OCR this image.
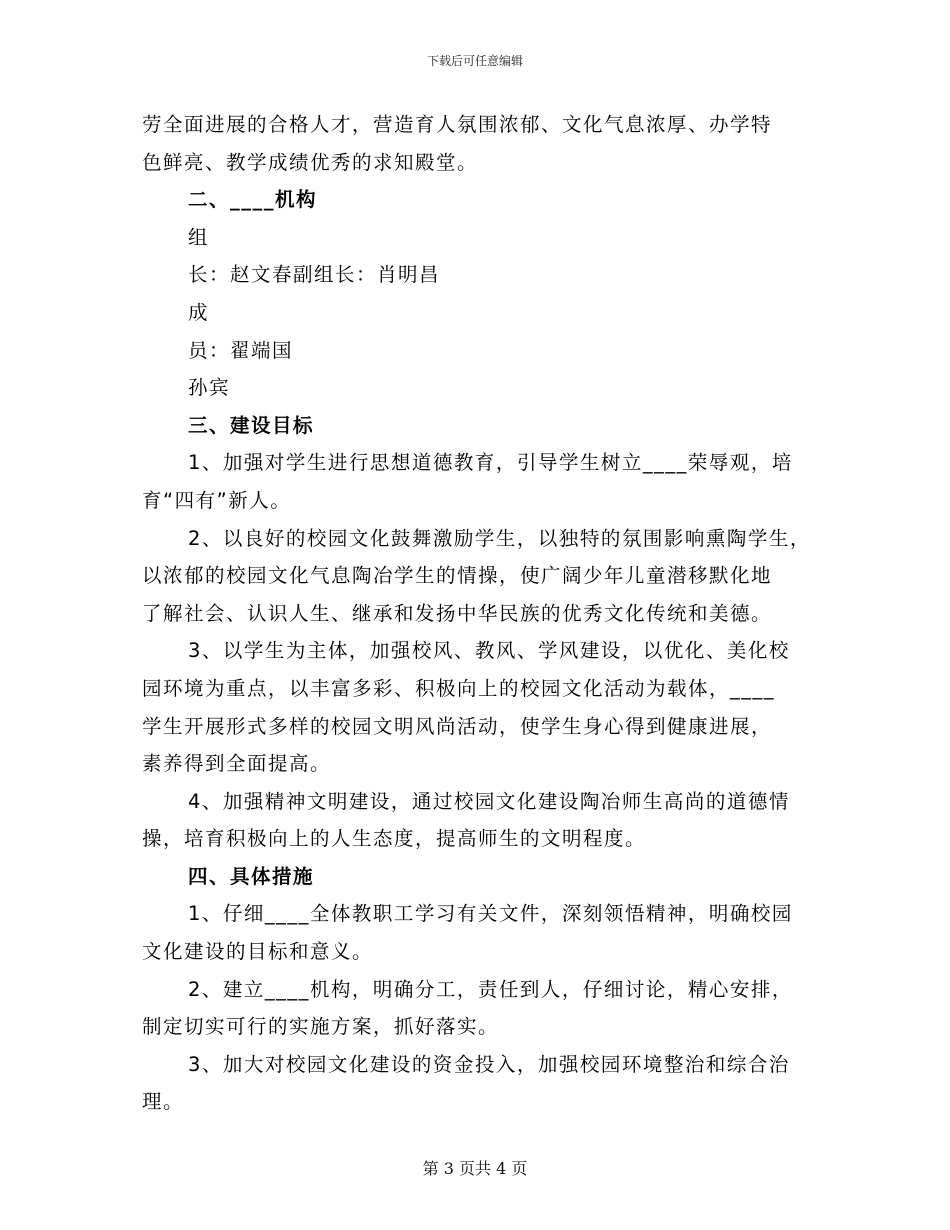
下载后可任意编辑
劳全面进展的合格人才，营造育人氛围浓郁、文化气息浓厚、办学特
色鲜亮、教学成绩优秀的求知殿堂。
二、____机构
组
长：赵文春副组长：肖明昌
成
员：翟端国
孙宾
三、建设目标
1、加强对学生进行思想道德教育，引导学生树立____荣辱观，培
育“四有”新人。
2、以良好的校园文化鼓舞激励学生，以独特的氛围影响熏陶学生，
以浓郁的校园文化气息陶冶学生的情操，使广阔少年儿童潜移默化地
了解社会、认识人生、继承和发扬中华民族的优秀文化传统和美德。
3、以学生为主体，加强校风、教风、学风建设，以优化、美化校
园环境为重点，以丰富多彩、积极向上的校园文化活动为载体，____
学生开展形式多样的校园文明风尚活动，使学生身心得到健康进展，
素养得到全面提高。
4、加强精神文明建设，通过校园文化建设陶冶师生高尚的道德情
操，培育积极向上的人生态度，提高师生的文明程度。
四、具体措施
1、仔细____全体教职工学习有关文件，深刻领悟精神，明确校园
文化建设的目标和意义。
2、建立____机构，明确分工，责任到人，仔细讨论，精心安排，
制定切实可行的实施方案，抓好落实。
3、加大对校园文化建设的资金投入，加强校园环境整治和综合治
理。
第 3 页共 4 页
